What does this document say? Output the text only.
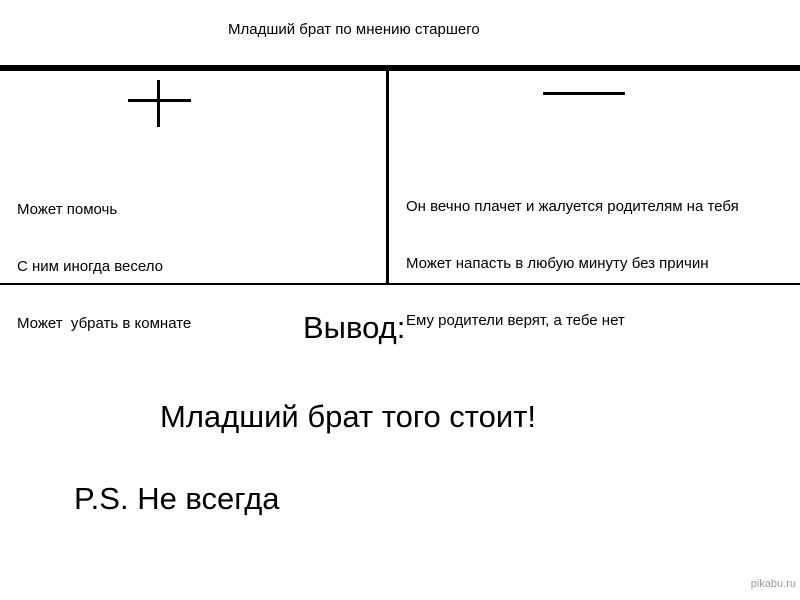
Младший брат по мнению старшего

Может помочь

С ним иногда весело

Может  убрать в комнате

Он вечно плачет и жалуется родителям на тебя

Может напасть в любую минуту без причин

Ему родители верят, а тебе нет

Вывод:
Младший брат того стоит!
P.S. Не всегда
pikabu.ru
